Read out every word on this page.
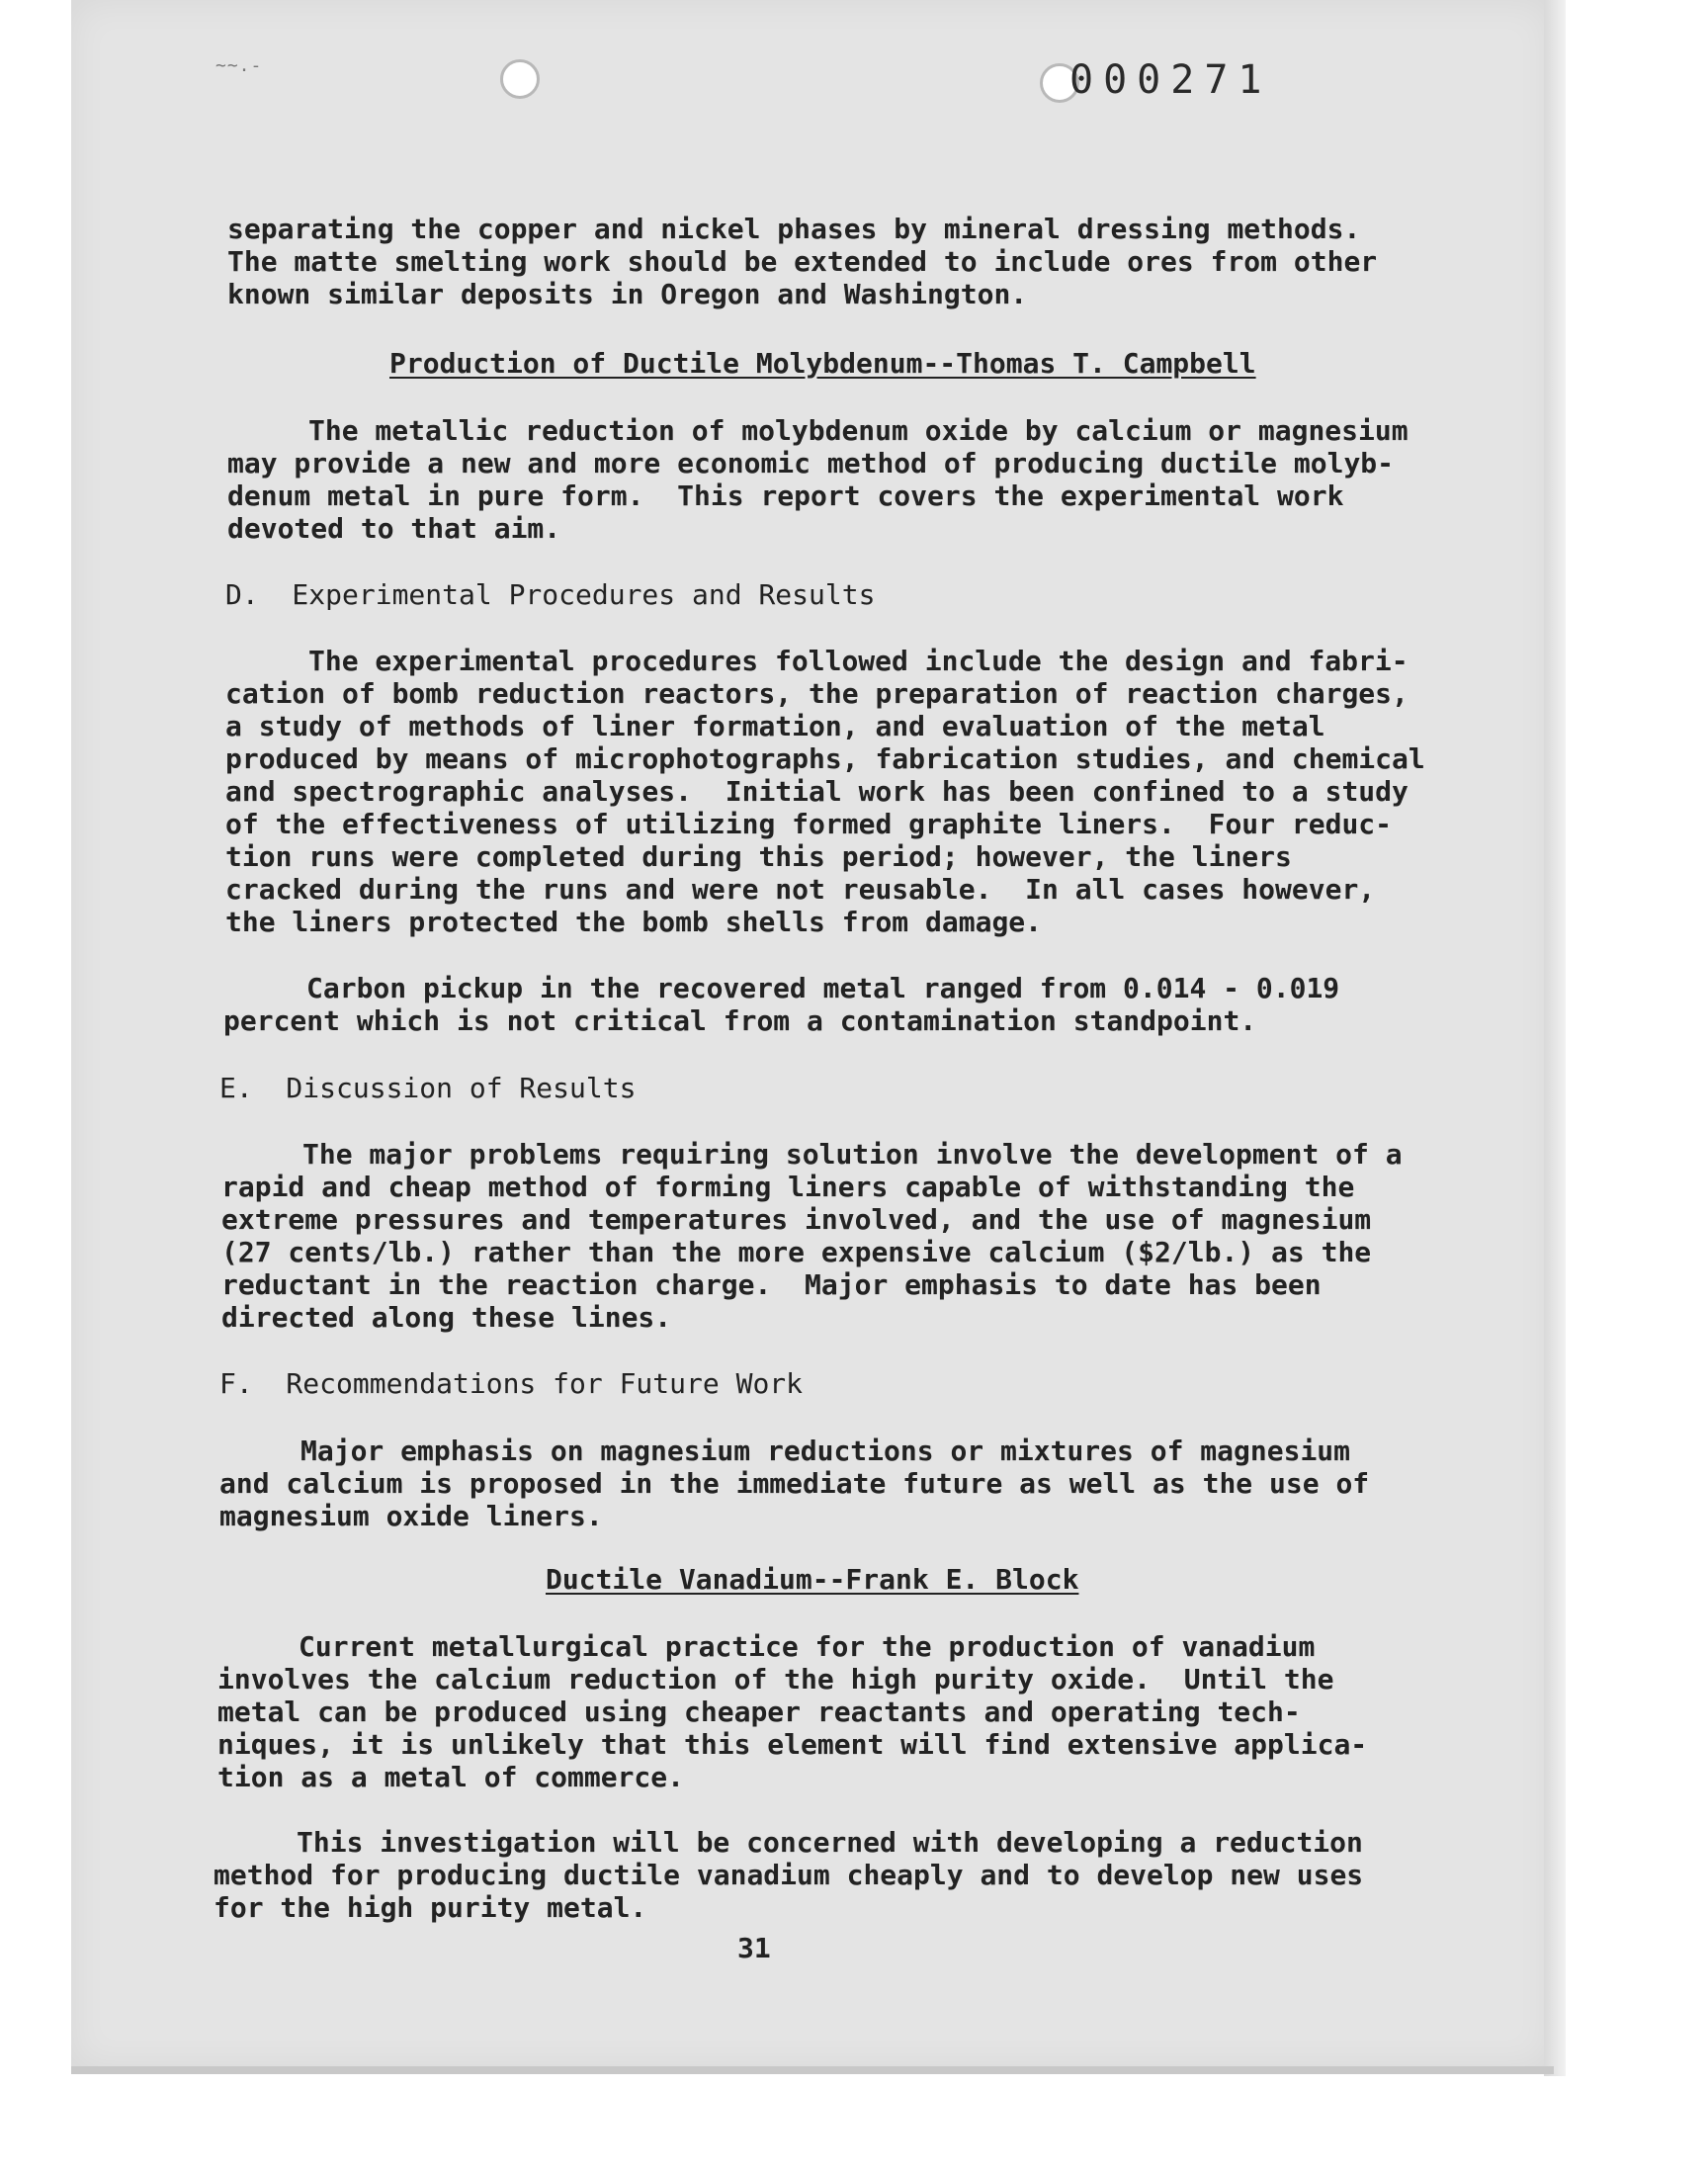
~~.-	000271
separating the copper and nickel phases by mineral dressing methods.
The matte smelting work should be extended to include ores from other
known similar deposits in Oregon and Washington.
Production of Ductile Molybdenum--Thomas T. Campbell
The metallic reduction of molybdenum oxide by calcium or magnesium
may provide a new and more economic method of producing ductile molyb-
denum metal in pure form.  This report covers the experimental work
devoted to that aim.
D.  Experimental Procedures and Results
The experimental procedures followed include the design and fabri-
cation of bomb reduction reactors, the preparation of reaction charges,
a study of methods of liner formation, and evaluation of the metal
produced by means of microphotographs, fabrication studies, and chemical
and spectrographic analyses.  Initial work has been confined to a study
of the effectiveness of utilizing formed graphite liners.  Four reduc-
tion runs were completed during this period; however, the liners
cracked during the runs and were not reusable.  In all cases however,
the liners protected the bomb shells from damage.
Carbon pickup in the recovered metal ranged from 0.014 - 0.019
percent which is not critical from a contamination standpoint.
E.  Discussion of Results
The major problems requiring solution involve the development of a
rapid and cheap method of forming liners capable of withstanding the
extreme pressures and temperatures involved, and the use of magnesium
(27 cents/lb.) rather than the more expensive calcium ($2/lb.) as the
reductant in the reaction charge.  Major emphasis to date has been
directed along these lines.
F.  Recommendations for Future Work
Major emphasis on magnesium reductions or mixtures of magnesium
and calcium is proposed in the immediate future as well as the use of
magnesium oxide liners.
Ductile Vanadium--Frank E. Block
Current metallurgical practice for the production of vanadium
involves the calcium reduction of the high purity oxide.  Until the
metal can be produced using cheaper reactants and operating tech-
niques, it is unlikely that this element will find extensive applica-
tion as a metal of commerce.
This investigation will be concerned with developing a reduction
method for producing ductile vanadium cheaply and to develop new uses
for the high purity metal.
31
